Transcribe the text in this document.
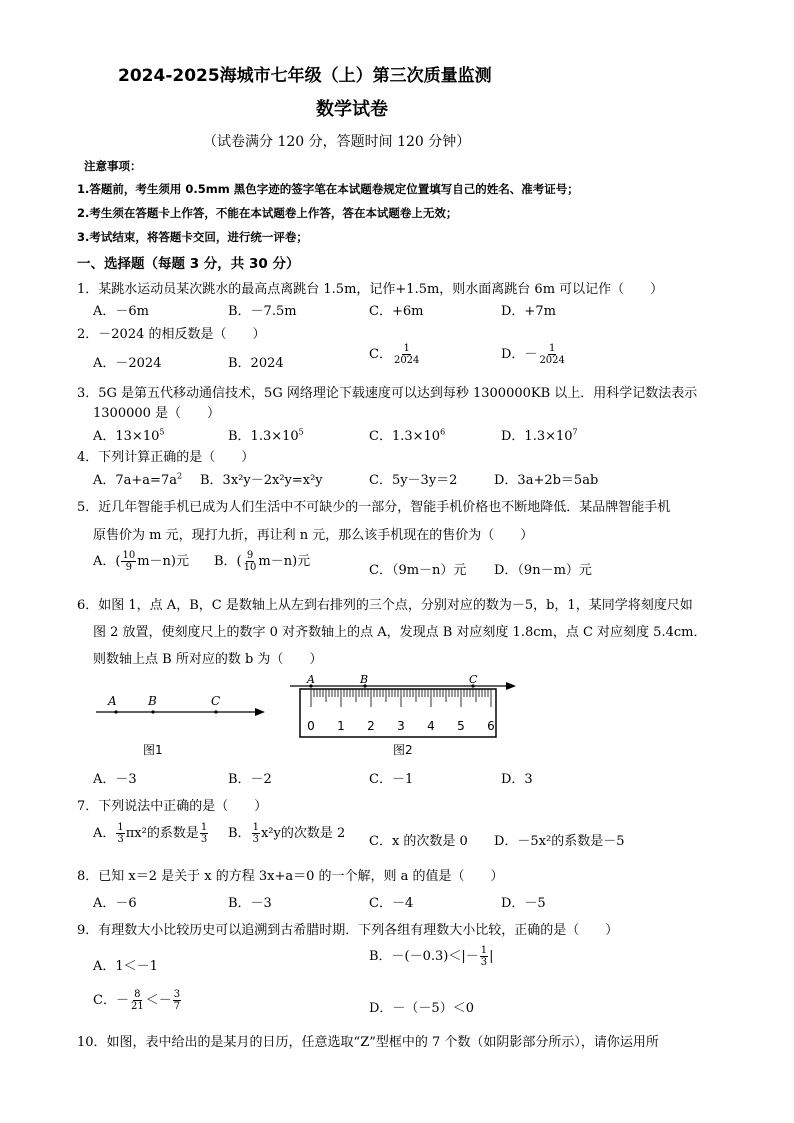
2024-2025海城市七年级（上）第三次质量监测
数学试卷
（试卷满分 120 分，答题时间 120 分钟）
注意事项：
1.答题前，考生须用 0.5mm 黑色字迹的签字笔在本试题卷规定位置填写自己的姓名、准考证号；
2.考生须在答题卡上作答，不能在本试题卷上作答，答在本试题卷上无效；
3.考试结束，将答题卡交回，进行统一评卷；
一、选择题（每题 3 分，共 30 分）
1．某跳水运动员某次跳水的最高点离跳台 1.5m，记作+1.5m，则水面离跳台 6m 可以记作（　　）
A．－6m	B．－7.5m	C．+6m	D．+7m
2．－2024 的相反数是（　　）
A．－2024	B．2024
C． $\frac{1}{2024}$	D．－ $\frac{1}{2024}$
3．5G 是第五代移动通信技术，5G 网络理论下载速度可以达到每秒 1300000KB 以上．用科学记数法表示
1300000 是（　　）
A．$13\times 10^5$	B．$1.3\times 10^5$	C．$1.3\times 10^6$	D．$1.3\times 10^7$
4．下列计算正确的是（　　）
A．$7a+a=7a^2$ B．3x²y－2x²y=x²y	C．5y－3y＝2	D．3a+2b＝5ab
5．近几年智能手机已成为人们生活中不可缺少的一部分，智能手机价格也不断地降低．某品牌智能手机
原售价为 m 元，现打九折，再让利 n 元，那么该手机现在的售价为（　　）
A．( $\frac{10}{9} m-n$)元 B．( $\frac{9}{10} m-n$)元
C．（9m－n）元 D．（9n－m）元
6．如图 1，点 A，B，C 是数轴上从左到右排列的三个点，分别对应的数为－5，b，1，某同学将刻度尺如
图 2 放置，使刻度尺上的数字 0 对齐数轴上的点 A，发现点 B 对应刻度 1.8cm，点 C 对应刻度 5.4cm．
则数轴上点 B 所对应的数 b 为（　　）
A	B	C
图1
A	B	C
0 1 2 3 4 5 6
图2
A．－3	B．－2	C．－1	D．3
7．下列说法中正确的是（　　）
A． $\frac{1}{3} \pi x^2$的系数是 $\frac{1}{3}$ B． $\frac{1}{3} x^2y$的次数是 2
C．x 的次数是 0 D．－5x²的系数是－5
8．已知 x＝2 是关于 x 的方程 3x+a＝0 的一个解，则 a 的值是（　　）
A．－6	B．－3	C．－4	D．－5
9．有理数大小比较历史可以追溯到古希腊时期．下列各组有理数大小比较，正确的是（　　）
A．1＜－1
B．$-(-0.3)<|- \frac{1}{3}$ |
C．－ $\frac{8}{21} <- \frac{3}{7}$	D．－（－5）＜0
10．如图，表中给出的是某月的日历，任意选取“Z”型框中的 7 个数（如阴影部分所示），请你运用所
